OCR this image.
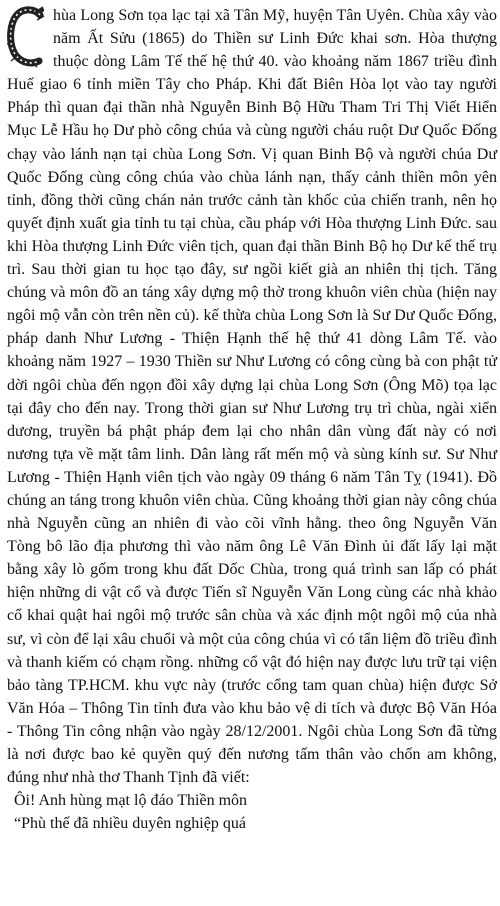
hùa Long Sơn tọa lạc tại xã Tân Mỹ, huyện Tân Uyên. Chùa xây vào năm Ất Sửu (1865) do Thiền sư Linh Đức khai sơn. Hòa thượng thuộc dòng Lâm Tế thế hệ thứ 40. vào khoảng năm 1867 triều đình Huế giao 6 tỉnh miền Tây cho Pháp. Khi đất Biên Hòa lọt vào tay người Pháp thì quan đại thần nhà Nguyễn Binh Bộ Hữu Tham Tri Thị Viết Hiển Mục Lễ Hầu họ Dư phò công chúa và cùng người cháu ruột Dư Quốc Đống chạy vào lánh nạn tại chùa Long Sơn. Vị quan Binh Bộ và người chúa Dư Quốc Đống cùng công chúa vào chùa lánh nạn, thấy cảnh thiền môn yên tỉnh, đồng thời cũng chán nản trước cảnh tàn khốc của chiến tranh, nên họ quyết định xuất gia tỉnh tu tại chùa, cầu pháp với Hòa thượng Linh Đức. sau khi Hòa thượng Linh Đức viên tịch, quan đại thần Binh Bộ họ Dư kế thế trụ trì. Sau thời gian tu học tạo đây, sư ngồi kiết già an nhiên thị tịch. Tăng chúng và môn đồ an táng xây dựng mộ thờ trong khuôn viên chùa (hiện nay ngôi mộ vẫn còn trên nền củ). kế thừa chùa Long Sơn là Sư Dư Quốc Đống, pháp danh Như Lương - Thiện Hạnh thế hệ thứ 41 dòng Lâm Tế. vào khoảng năm 1927 – 1930 Thiền sư Như Lương có công cùng bà con phật tử dời ngôi chùa đến ngọn đồi xây dựng lại chùa Long Sơn (Ông Mõ) tọa lạc tại đây cho đến nay. Trong thời gian sư Như Lương trụ trì chùa, ngài xiển dương, truyền bá phật pháp đem lại cho nhân dân vùng đất này có nơi nương tựa về mặt tâm linh. Dân làng rất mến mộ và sùng kính sư. Sư Như Lương - Thiện Hạnh viên tịch vào ngày 09 tháng 6 năm Tân Tỵ (1941). Đồ chúng an táng trong khuôn viên chùa. Cũng khoảng thời gian này công chúa nhà Nguyễn cũng an nhiên đi vào cõi vĩnh hằng. theo ông Nguyễn Văn Tòng bô lão địa phương thì vào năm ông Lê Văn Đình ủi đất lấy lại mặt bằng xây lò gốm trong khu đất Dốc Chùa, trong quá trình san lấp có phát hiện những di vật cổ và được Tiến sĩ Nguyễn Văn Long cùng các nhà khảo cổ khai quật hai ngôi mộ trước sân chùa và xác định một ngôi mộ của nhà sư, vì còn để lại xâu chuổi và một của công chúa vì có tẩn liệm đồ triều đình và thanh kiếm có chạm rồng. những cổ vật đó hiện nay được lưu trữ tại viện bảo tàng TP.HCM. khu vực này (trước cổng tam quan chùa) hiện được Sở Văn Hóa – Thông Tin tỉnh đưa vào khu bảo vệ di tích và được Bộ Văn Hóa - Thông Tin công nhận vào ngày 28/12/2001. Ngôi chùa Long Sơn đã từng là nơi được bao kẻ quyền quý đến nương tấm thân vào chốn am không, đúng như nhà thơ Thanh Tịnh đã viết:

Ôi! Anh hùng mạt lộ đáo Thiền môn
“Phù thế đã nhiều duyên nghiệp quá
